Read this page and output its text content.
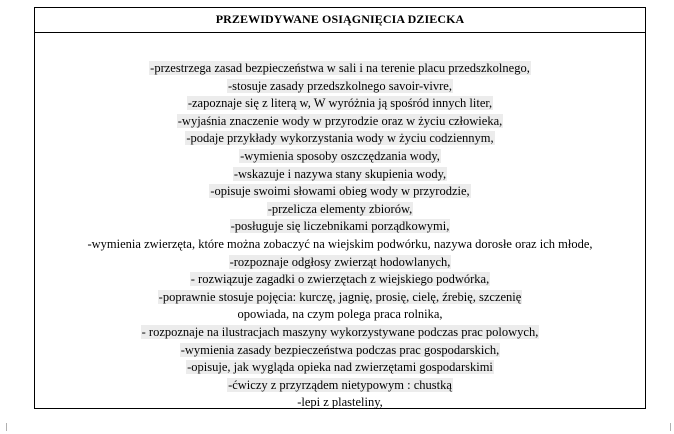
PRZEWIDYWANE OSIĄGNIĘCIA DZIECKA
-przestrzega zasad bezpieczeństwa w sali i na terenie placu przedszkolnego,
-stosuje zasady przedszkolnego savoir-vivre,
-zapoznaje się z literą w, W wyróżnia ją spośród innych liter,
-wyjaśnia znaczenie wody w przyrodzie oraz w życiu człowieka,
-podaje przykłady wykorzystania wody w życiu codziennym,
-wymienia sposoby oszczędzania wody,
-wskazuje i nazywa stany skupienia wody,
-opisuje swoimi słowami obieg wody w przyrodzie,
-przelicza elementy zbiorów,
-posługuje się liczebnikami porządkowymi,
-wymienia zwierzęta, które można zobaczyć na wiejskim podwórku, nazywa dorosłe oraz ich młode,
-rozpoznaje odgłosy zwierząt hodowlanych,
- rozwiązuje zagadki o zwierzętach z wiejskiego podwórka,
-poprawnie stosuje pojęcia: kurczę, jagnię, prosię, cielę, źrebię, szczenię
opowiada, na czym polega praca rolnika,
- rozpoznaje na ilustracjach maszyny wykorzystywane podczas prac polowych,
-wymienia zasady bezpieczeństwa podczas prac gospodarskich,
-opisuje, jak wygląda opieka nad zwierzętami gospodarskimi
-ćwiczy z przyrządem nietypowym : chustką
-lepi z plasteliny,
